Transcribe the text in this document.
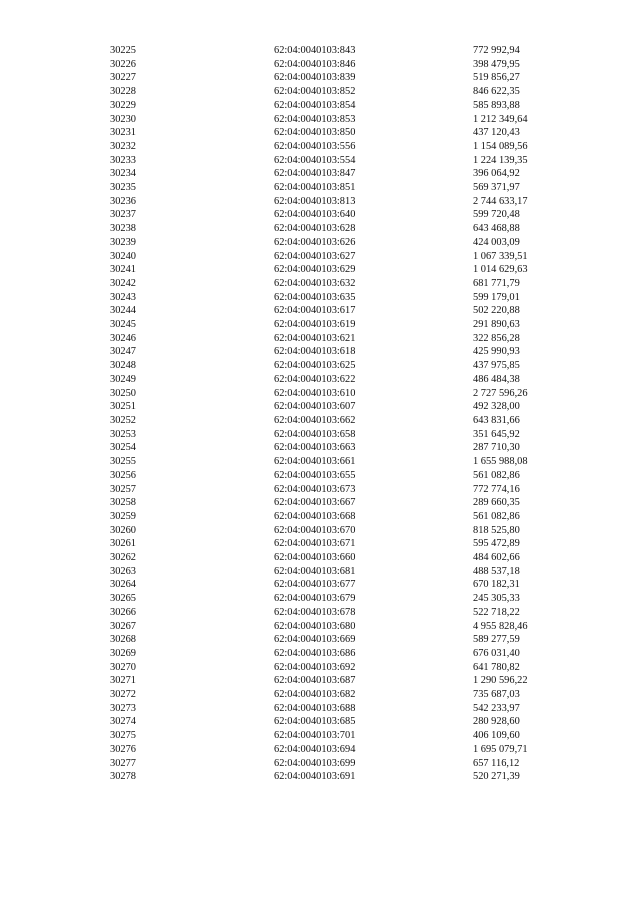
30225	62:04:0040103:843	772 992,94
30226	62:04:0040103:846	398 479,95
30227	62:04:0040103:839	519 856,27
30228	62:04:0040103:852	846 622,35
30229	62:04:0040103:854	585 893,88
30230	62:04:0040103:853	1 212 349,64
30231	62:04:0040103:850	437 120,43
30232	62:04:0040103:556	1 154 089,56
30233	62:04:0040103:554	1 224 139,35
30234	62:04:0040103:847	396 064,92
30235	62:04:0040103:851	569 371,97
30236	62:04:0040103:813	2 744 633,17
30237	62:04:0040103:640	599 720,48
30238	62:04:0040103:628	643 468,88
30239	62:04:0040103:626	424 003,09
30240	62:04:0040103:627	1 067 339,51
30241	62:04:0040103:629	1 014 629,63
30242	62:04:0040103:632	681 771,79
30243	62:04:0040103:635	599 179,01
30244	62:04:0040103:617	502 220,88
30245	62:04:0040103:619	291 890,63
30246	62:04:0040103:621	322 856,28
30247	62:04:0040103:618	425 990,93
30248	62:04:0040103:625	437 975,85
30249	62:04:0040103:622	486 484,38
30250	62:04:0040103:610	2 727 596,26
30251	62:04:0040103:607	492 328,00
30252	62:04:0040103:662	643 831,66
30253	62:04:0040103:658	351 645,92
30254	62:04:0040103:663	287 710,30
30255	62:04:0040103:661	1 655 988,08
30256	62:04:0040103:655	561 082,86
30257	62:04:0040103:673	772 774,16
30258	62:04:0040103:667	289 660,35
30259	62:04:0040103:668	561 082,86
30260	62:04:0040103:670	818 525,80
30261	62:04:0040103:671	595 472,89
30262	62:04:0040103:660	484 602,66
30263	62:04:0040103:681	488 537,18
30264	62:04:0040103:677	670 182,31
30265	62:04:0040103:679	245 305,33
30266	62:04:0040103:678	522 718,22
30267	62:04:0040103:680	4 955 828,46
30268	62:04:0040103:669	589 277,59
30269	62:04:0040103:686	676 031,40
30270	62:04:0040103:692	641 780,82
30271	62:04:0040103:687	1 290 596,22
30272	62:04:0040103:682	735 687,03
30273	62:04:0040103:688	542 233,97
30274	62:04:0040103:685	280 928,60
30275	62:04:0040103:701	406 109,60
30276	62:04:0040103:694	1 695 079,71
30277	62:04:0040103:699	657 116,12
30278	62:04:0040103:691	520 271,39
